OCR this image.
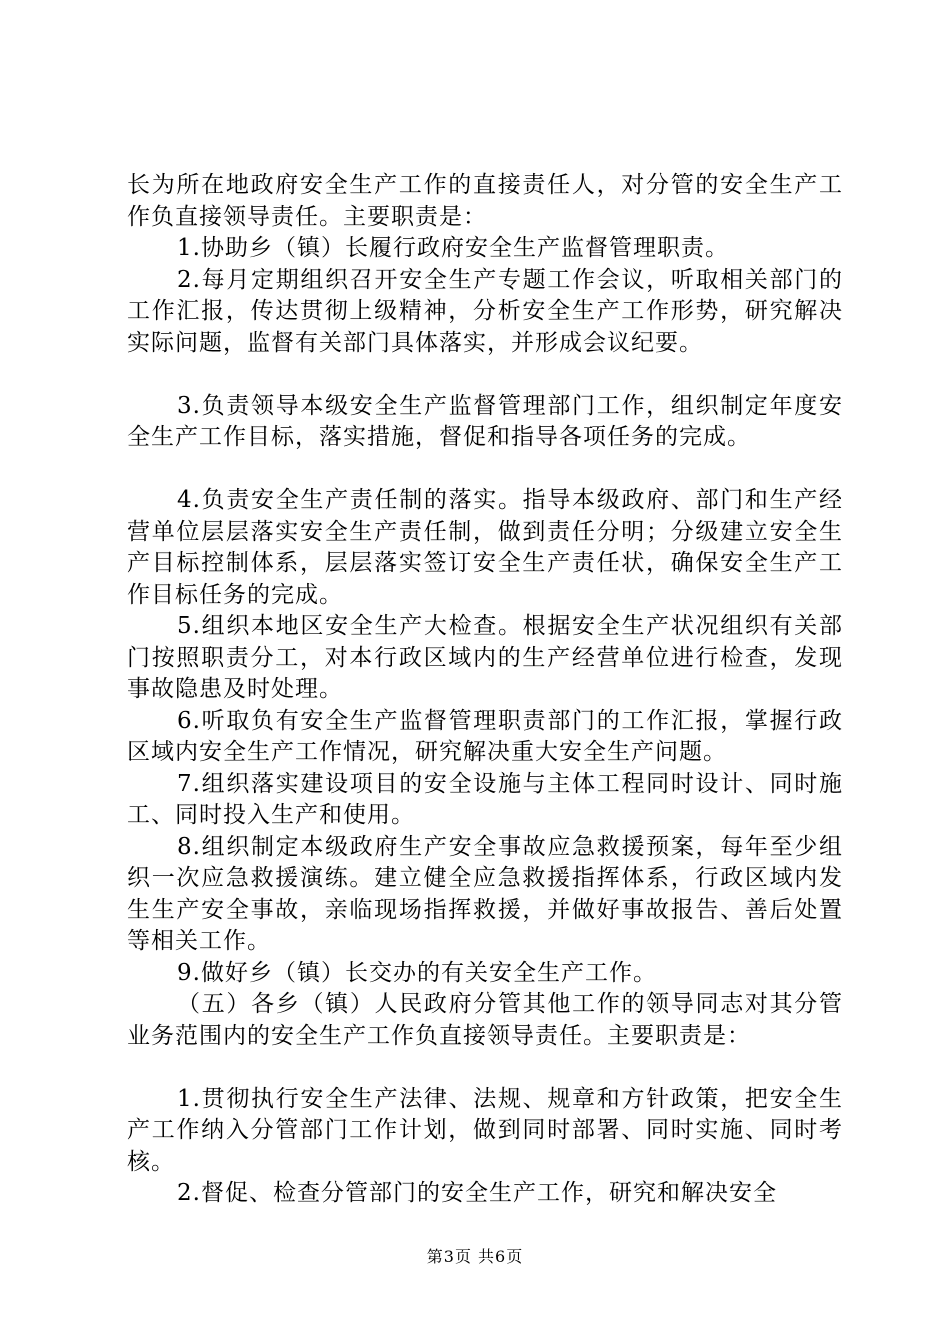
长为所在地政府安全生产工作的直接责任人，对分管的安全生产工作负直接领导责任。主要职责是：

1.协助乡（镇）长履行政府安全生产监督管理职责。

2.每月定期组织召开安全生产专题工作会议，听取相关部门的工作汇报，传达贯彻上级精神，分析安全生产工作形势，研究解决实际问题，监督有关部门具体落实，并形成会议纪要。

3.负责领导本级安全生产监督管理部门工作，组织制定年度安全生产工作目标，落实措施，督促和指导各项任务的完成。

4.负责安全生产责任制的落实。指导本级政府、部门和生产经营单位层层落实安全生产责任制，做到责任分明；分级建立安全生产目标控制体系，层层落实签订安全生产责任状，确保安全生产工作目标任务的完成。

5.组织本地区安全生产大检查。根据安全生产状况组织有关部门按照职责分工，对本行政区域内的生产经营单位进行检查，发现事故隐患及时处理。

6.听取负有安全生产监督管理职责部门的工作汇报，掌握行政区域内安全生产工作情况，研究解决重大安全生产问题。

7.组织落实建设项目的安全设施与主体工程同时设计、同时施工、同时投入生产和使用。

8.组织制定本级政府生产安全事故应急救援预案，每年至少组织一次应急救援演练。建立健全应急救援指挥体系，行政区域内发生生产安全事故，亲临现场指挥救援，并做好事故报告、善后处置等相关工作。

9.做好乡（镇）长交办的有关安全生产工作。

（五）各乡（镇）人民政府分管其他工作的领导同志对其分管业务范围内的安全生产工作负直接领导责任。主要职责是：

1.贯彻执行安全生产法律、法规、规章和方针政策，把安全生产工作纳入分管部门工作计划，做到同时部署、同时实施、同时考核。

2.督促、检查分管部门的安全生产工作，研究和解决安全

第3页 共6页
